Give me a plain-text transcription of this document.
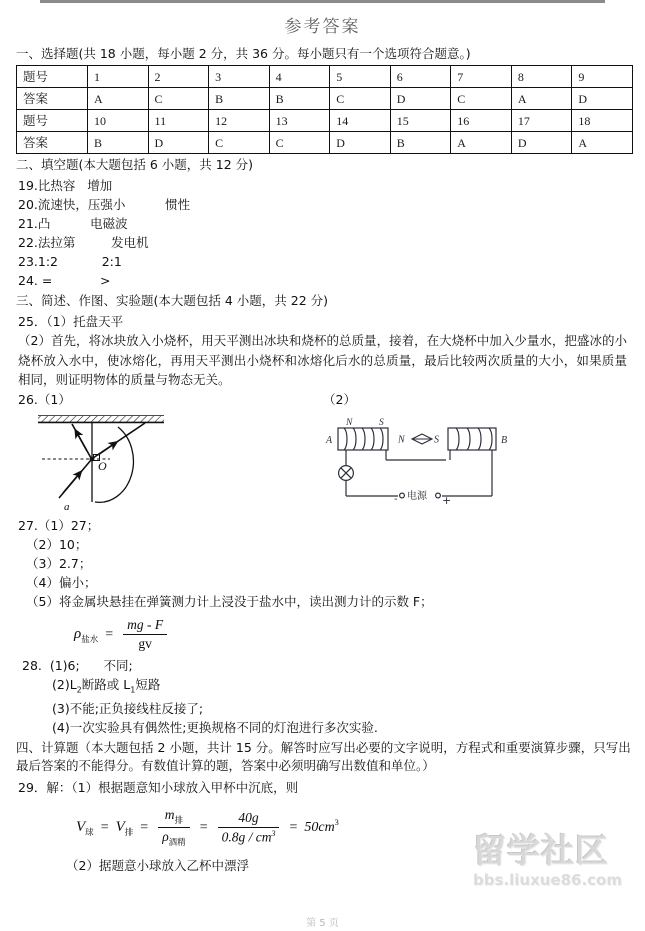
参考答案
一、选择题(共 18 小题，每小题 2 分，共 36 分。每小题只有一个选项符合题意。)
题号	1	2	3	4	5	6	7	8	9
答案	A	C	B	B	C	D	C	A	D
题号	10	11	12	13	14	15	16	17	18
答案	B	D	C	C	D	B	A	D	A
二、填空题(本大题包括 6 小题，共 12 分)
19.比热容   增加
20.流速快，压强小          惯性
21.凸          电磁波
22.法拉第         发电机
23.1:2           2:1
24. =            >
三、简述、作图、实验题(本大题包括 4 小题，共 22 分)
25．（1）托盘天平
（2）首先，将冰块放入小烧杯，用天平测出冰块和烧杯的总质量，接着，在大烧杯中加入少量水，把盛冰的小烧杯放入水中，使冰熔化，再用天平测出小烧杯和冰熔化后水的总质量，最后比较两次质量的大小，如果质量相同，则证明物体的质量与物态无关。
26.（1）	（2）
O
a
N	S
A	B
N	S
电源
-	+
27.（1）27；
（2）10；
（3）2.7；
（4）偏小；
（5）将金属块悬挂在弹簧测力计上浸没于盐水中，读出测力计的示数 F；
$\rho_{盐水} = \frac{mg - F}{gv}$
28.  (1)6;      不同;
$(2)L_2$断路或 $L_1$短路
(3)不能;正负接线柱反接了;
(4)一次实验具有偶然性;更换规格不同的灯泡进行多次实验.
四、计算题（本大题包括 2 小题，共计 15 分。解答时应写出必要的文字说明，方程式和重要演算步骤，只写出最后答案的不能得分。有数值计算的题，答案中必须明确写出数值和单位。）
29．解：（1）根据题意知小球放入甲杯中沉底，则
$V_球 = V_排 = \frac{m_排}{\rho_{酒精}} = \frac{40g}{0.8g / cm^3} = 50cm^3$
（2）据题意小球放入乙杯中漂浮	留学社区
bbs.liuxue86.com
第 5 页
